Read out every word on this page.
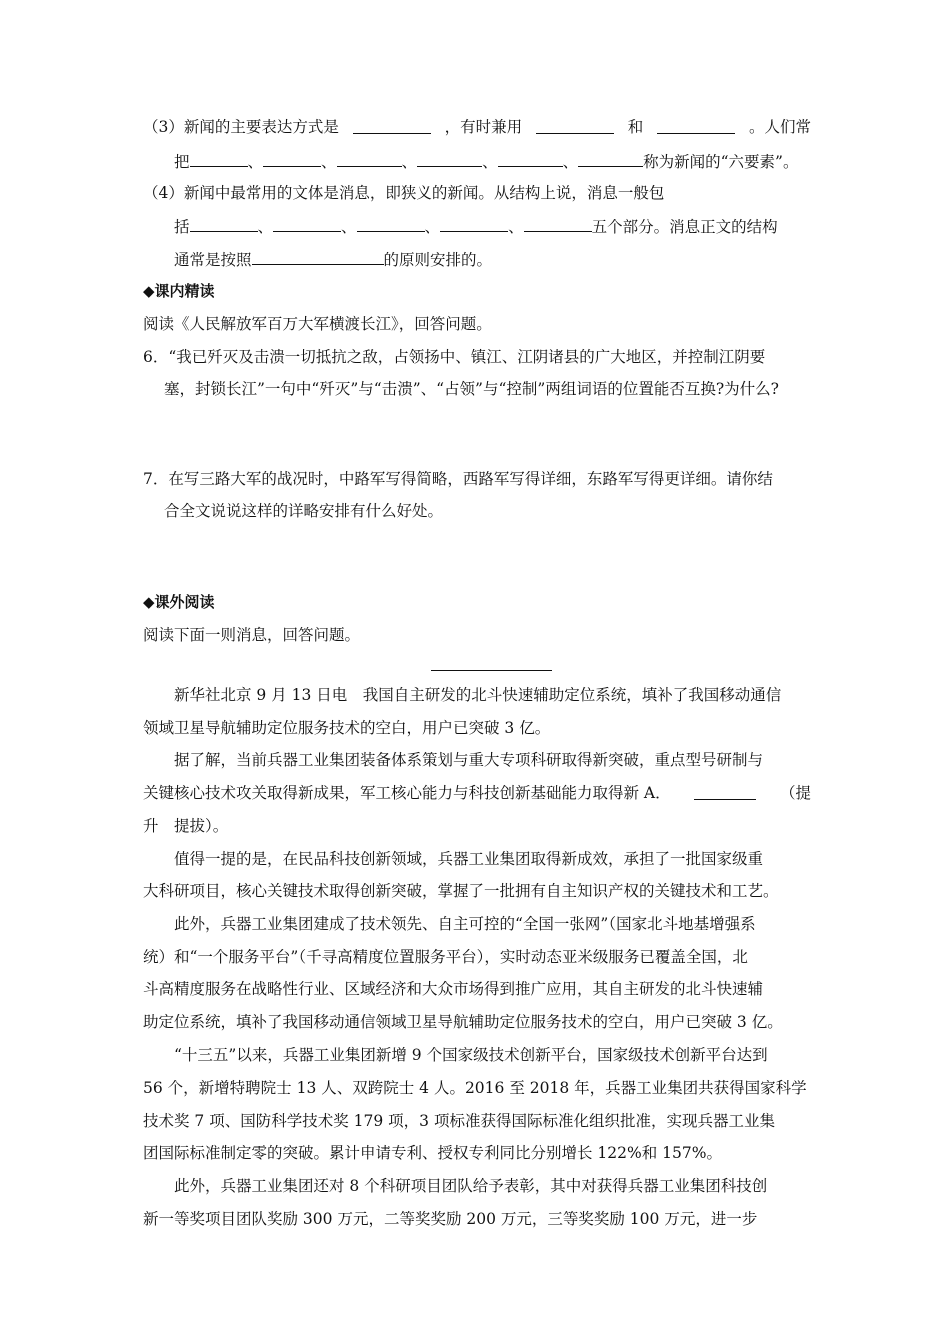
（3）新闻的主要表达方式是	，有时兼用	和	。人们常
把	、	、	、	、	、	称为新闻的“六要素”。
（4）新闻中最常用的文体是消息，即狭义的新闻。从结构上说，消息一般包
括	、	、	、	、	五个部分。消息正文的结构
通常是按照	的原则安排的。
◆课内精读
阅读《人民解放军百万大军横渡长江》，回答问题。
6．“我已歼灭及击溃一切抵抗之敌，占领扬中、镇江、江阴诸县的广大地区，并控制江阴要
塞，封锁长江”一句中“歼灭”与“击溃”、“占领”与“控制”两组词语的位置能否互换?为什么?
7．在写三路大军的战况时，中路军写得简略，西路军写得详细，东路军写得更详细。请你结
合全文说说这样的详略安排有什么好处。
◆课外阅读
阅读下面一则消息，回答问题。
新华社北京 9 月 13 日电　我国自主研发的北斗快速辅助定位系统，填补了我国移动通信
领域卫星导航辅助定位服务技术的空白，用户已突破 3 亿。
据了解，当前兵器工业集团装备体系策划与重大专项科研取得新突破，重点型号研制与
关键核心技术攻关取得新成果，军工核心能力与科技创新基础能力取得新 A．	（提
升　提拔）。
值得一提的是，在民品科技创新领域，兵器工业集团取得新成效，承担了一批国家级重
大科研项目，核心关键技术取得创新突破，掌握了一批拥有自主知识产权的关键技术和工艺。
此外，兵器工业集团建成了技术领先、自主可控的“全国一张网”（国家北斗地基增强系
统）和“一个服务平台”（千寻高精度位置服务平台），实时动态亚米级服务已覆盖全国，北
斗高精度服务在战略性行业、区域经济和大众市场得到推广应用，其自主研发的北斗快速辅
助定位系统，填补了我国移动通信领域卫星导航辅助定位服务技术的空白，用户已突破 3 亿。
“十三五”以来，兵器工业集团新增 9 个国家级技术创新平台，国家级技术创新平台达到
56 个，新增特聘院士 13 人、双跨院士 4 人。2016 至 2018 年，兵器工业集团共获得国家科学
技术奖 7 项、国防科学技术奖 179 项，3 项标准获得国际标准化组织批准，实现兵器工业集
团国际标准制定零的突破。累计申请专利、授权专利同比分别增长 122%和 157%。
此外，兵器工业集团还对 8 个科研项目团队给予表彰，其中对获得兵器工业集团科技创
新一等奖项目团队奖励 300 万元，二等奖奖励 200 万元，三等奖奖励 100 万元，进一步
